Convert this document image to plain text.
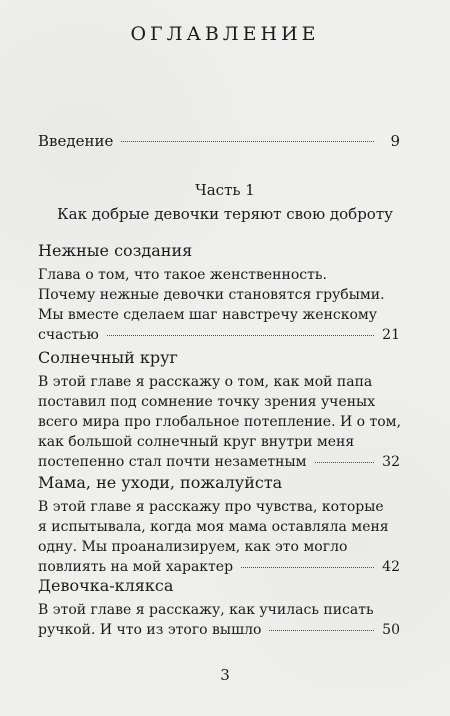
ОГЛАВЛЕНИЕ
Введение	9
Часть 1
Как добрые девочки теряют свою доброту
Нежные создания
Глава о том, что такое женственность.
Почему нежные девочки становятся грубыми.
Мы вместе сделаем шаг навстречу женскому
счастью	21
Солнечный круг
В этой главе я расскажу о том, как мой папа
поставил под сомнение точку зрения ученых
всего мира про глобальное потепление. И о том,
как большой солнечный круг внутри меня
постепенно стал почти незаметным	32
Мама, не уходи, пожалуйста
В этой главе я расскажу про чувства, которые
я испытывала, когда моя мама оставляла меня
одну. Мы проанализируем, как это могло
повлиять на мой характер	42
Девочка-клякса
В этой главе я расскажу, как училась писать
ручкой. И что из этого вышло	50
3
